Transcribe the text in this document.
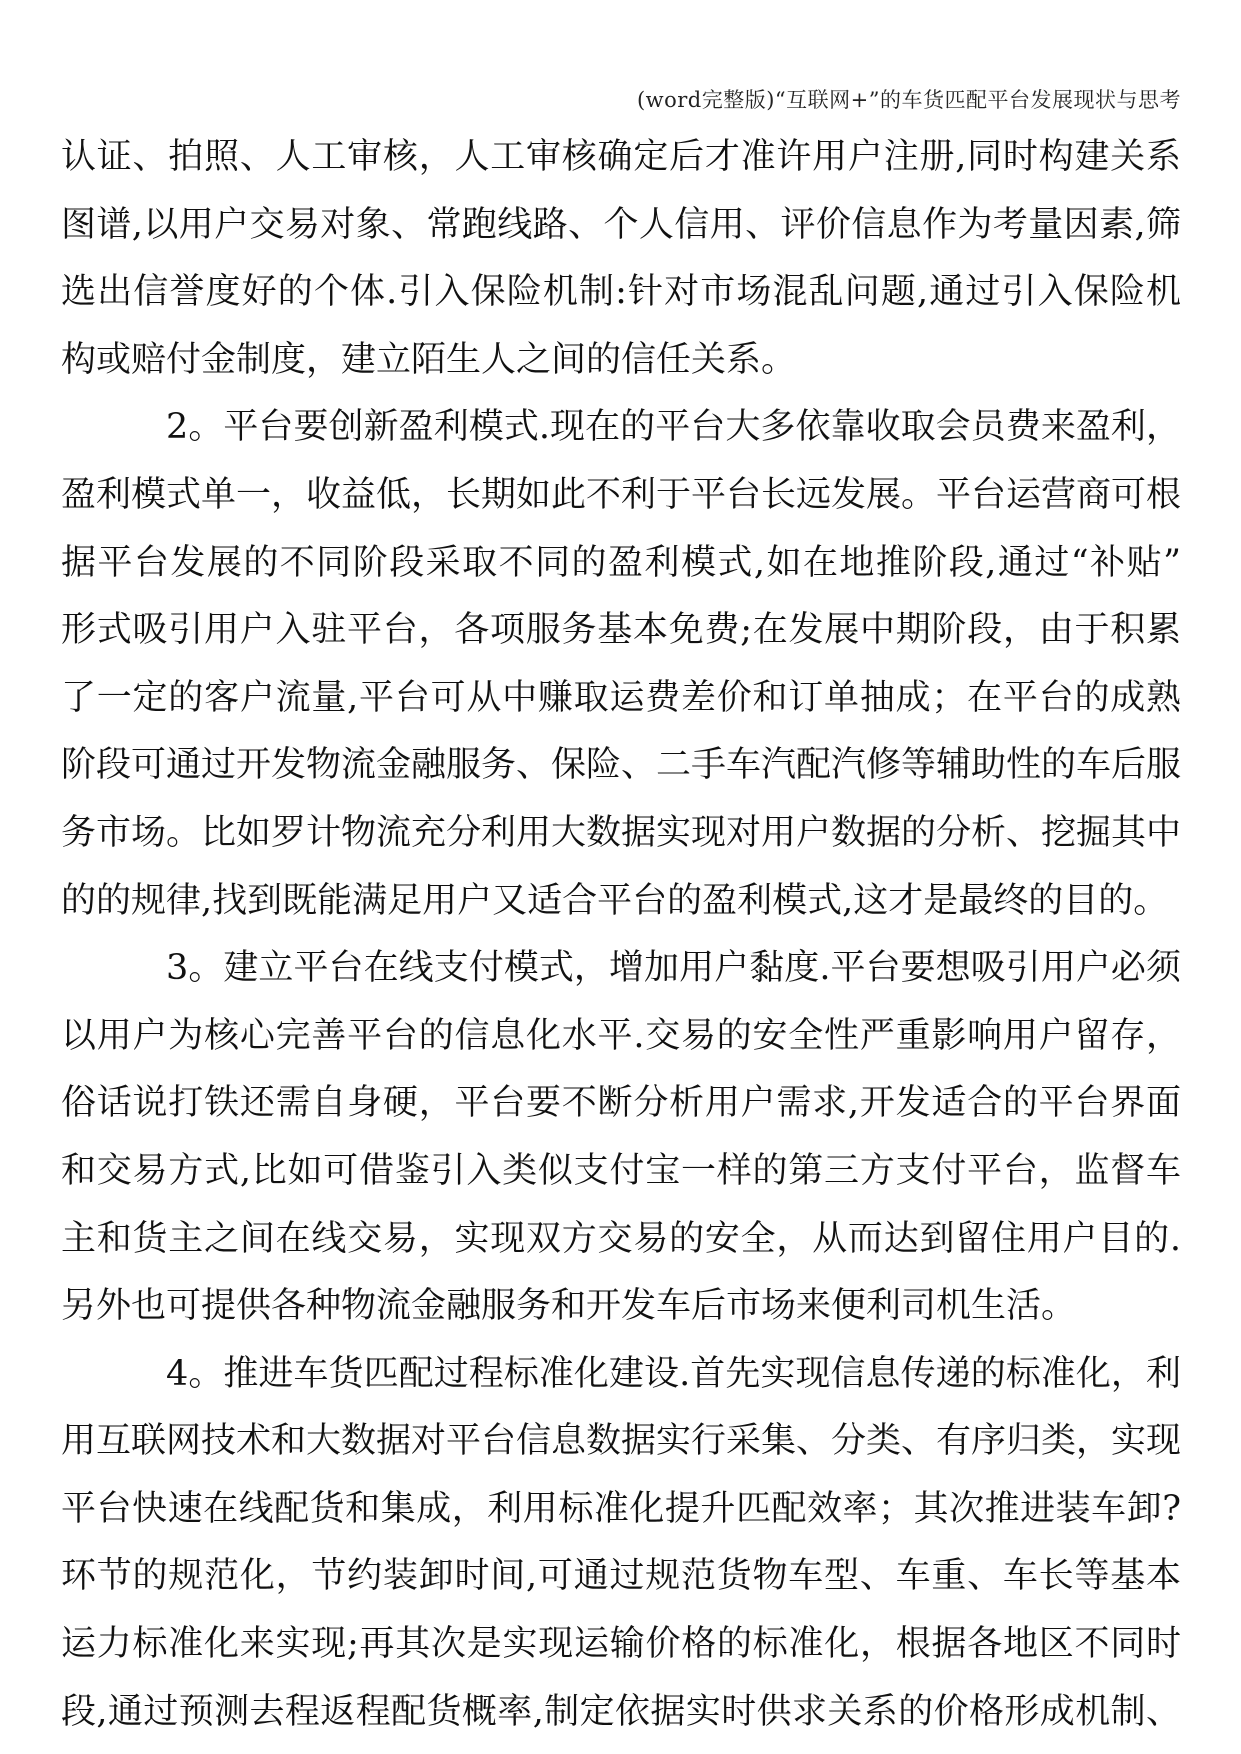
(word完整版)“互联网+”的车货匹配平台发展现状与思考
认证、拍照、人工审核，人工审核确定后才准许用户注册,同时构建关系
图谱,以用户交易对象、常跑线路、个人信用、评价信息作为考量因素,筛
选出信誉度好的个体.引入保险机制:针对市场混乱问题,通过引入保险机
构或赔付金制度，建立陌生人之间的信任关系。
2。平台要创新盈利模式.现在的平台大多依靠收取会员费来盈利，
盈利模式单一，收益低，长期如此不利于平台长远发展。平台运营商可根
据平台发展的不同阶段采取不同的盈利模式,如在地推阶段,通过“补贴”
形式吸引用户入驻平台，各项服务基本免费;在发展中期阶段，由于积累
了一定的客户流量,平台可从中赚取运费差价和订单抽成；在平台的成熟
阶段可通过开发物流金融服务、保险、二手车汽配汽修等辅助性的车后服
务市场。比如罗计物流充分利用大数据实现对用户数据的分析、挖掘其中
的的规律,找到既能满足用户又适合平台的盈利模式,这才是最终的目的。
3。建立平台在线支付模式，增加用户黏度.平台要想吸引用户必须
以用户为核心完善平台的信息化水平.交易的安全性严重影响用户留存，
俗话说打铁还需自身硬，平台要不断分析用户需求,开发适合的平台界面
和交易方式,比如可借鉴引入类似支付宝一样的第三方支付平台，监督车
主和货主之间在线交易，实现双方交易的安全，从而达到留住用户目的.
另外也可提供各种物流金融服务和开发车后市场来便利司机生活。
4。推进车货匹配过程标准化建设.首先实现信息传递的标准化，利
用互联网技术和大数据对平台信息数据实行采集、分类、有序归类，实现
平台快速在线配货和集成，利用标准化提升匹配效率；其次推进装车卸?
环节的规范化，节约装卸时间,可通过规范货物车型、车重、车长等基本
运力标准化来实现;再其次是实现运输价格的标准化，根据各地区不同时
段,通过预测去程返程配货概率,制定依据实时供求关系的价格形成机制、
